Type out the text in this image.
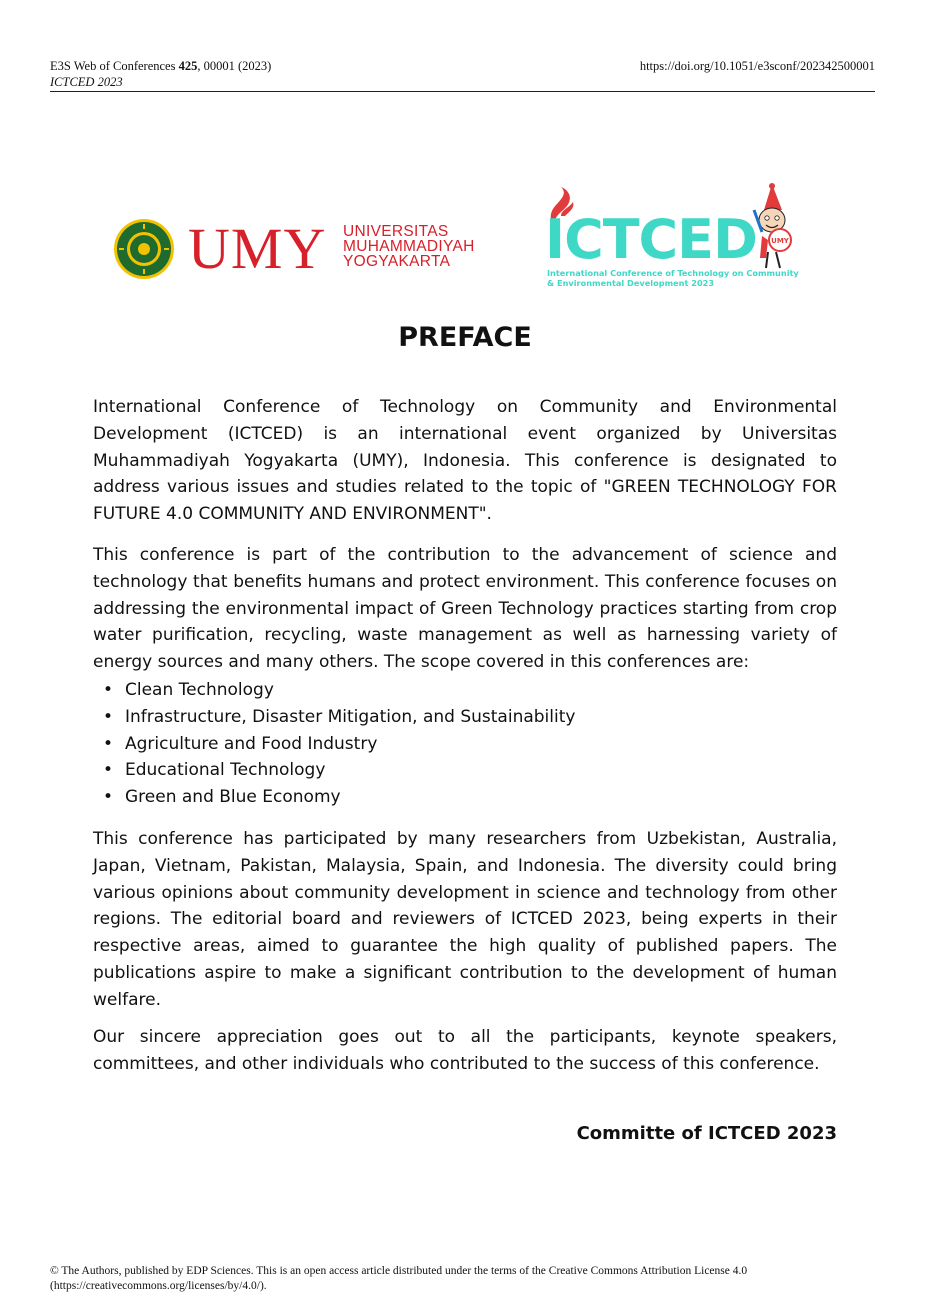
E3S Web of Conferences 425, 00001 (2023)	https://doi.org/10.1051/e3sconf/202342500001
ICTCED 2023
UMY UNIVERSITAS
MUHAMMADIYAH
YOGYAKARTA	ICTCED UMY
International Conference of Technology on Community
& Environmental Development 2023
PREFACE
International Conference of Technology on Community and Environmental Development (ICTCED) is an international event organized by Universitas Muhammadiyah Yogyakarta (UMY), Indonesia. This conference is designated to address various issues and studies related to the topic of "GREEN TECHNOLOGY FOR FUTURE 4.0 COMMUNITY AND ENVIRONMENT".
This conference is part of the contribution to the advancement of science and technology that benefits humans and protect environment. This conference focuses on addressing the environmental impact of Green Technology practices starting from crop water purification, recycling, waste management as well as harnessing variety of energy sources and many others. The scope covered in this conferences are:
• Clean Technology
• Infrastructure, Disaster Mitigation, and Sustainability
• Agriculture and Food Industry
• Educational Technology
• Green and Blue Economy
This conference has participated by many researchers from Uzbekistan, Australia, Japan, Vietnam, Pakistan, Malaysia, Spain, and Indonesia. The diversity could bring various opinions about community development in science and technology from other regions. The editorial board and reviewers of ICTCED 2023, being experts in their respective areas, aimed to guarantee the high quality of published papers. The publications aspire to make a significant contribution to the development of human welfare.
Our sincere appreciation goes out to all the participants, keynote speakers, committees, and other individuals who contributed to the success of this conference.
Committe of ICTCED 2023
© The Authors, published by EDP Sciences. This is an open access article distributed under the terms of the Creative Commons Attribution License 4.0
(https://creativecommons.org/licenses/by/4.0/).
